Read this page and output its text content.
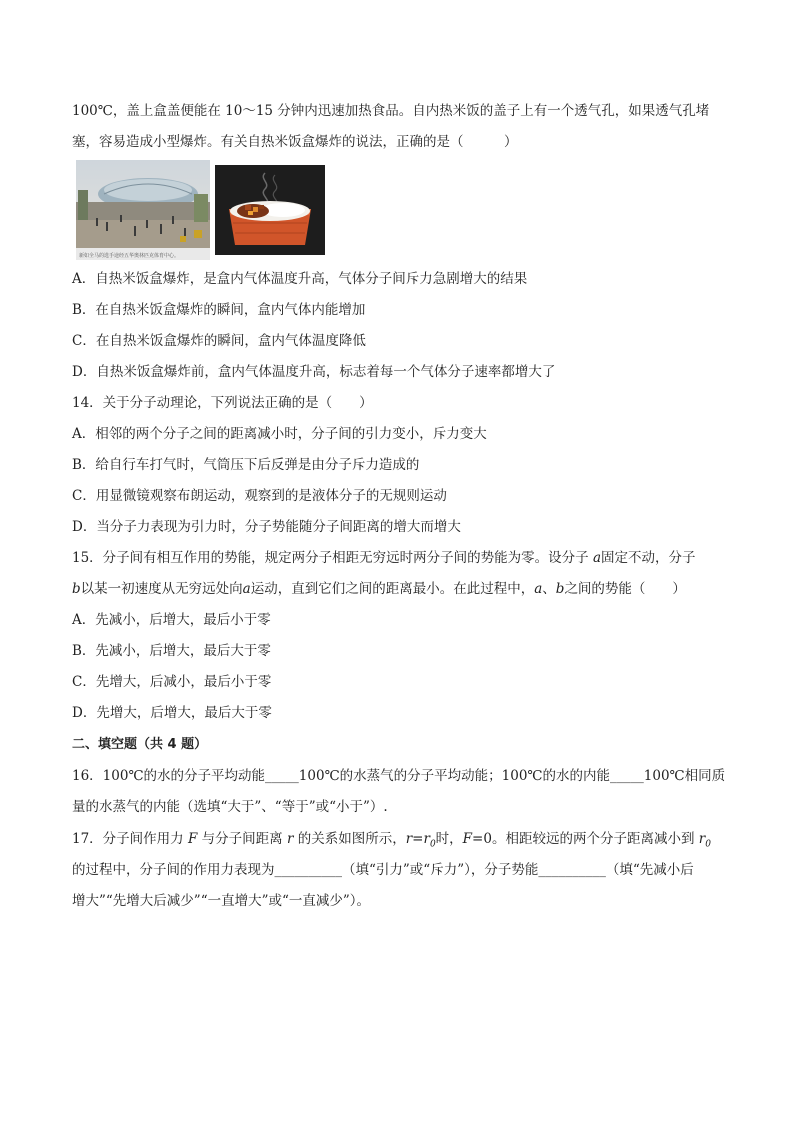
100℃，盖上盒盖便能在 10～15 分钟内迅速加热食品。自内热米饭的盖子上有一个透气孔，如果透气孔堵
塞，容易造成小型爆炸。有关自热米饭盒爆炸的说法，正确的是（　　　）
新如全马的选手途经五华奥林匹克体育中心。
A．自热米饭盒爆炸，是盒内气体温度升高，气体分子间斥力急剧增大的结果
B．在自热米饭盒爆炸的瞬间，盒内气体内能增加
C．在自热米饭盒爆炸的瞬间，盒内气体温度降低
D．自热米饭盒爆炸前，盒内气体温度升高，标志着每一个气体分子速率都增大了
14．关于分子动理论，下列说法正确的是（　　）
A．相邻的两个分子之间的距离减小时，分子间的引力变小，斥力变大
B．给自行车打气时，气筒压下后反弹是由分子斥力造成的
C．用显微镜观察布朗运动，观察到的是液体分子的无规则运动
D．当分子力表现为引力时，分子势能随分子间距离的增大而增大
15．分子间有相互作用的势能，规定两分子相距无穷远时两分子间的势能为零。设分子 a固定不动，分子
b以某一初速度从无穷远处向a运动，直到它们之间的距离最小。在此过程中，a、b之间的势能（　　）
A．先减小，后增大，最后小于零
B．先减小，后增大，最后大于零
C．先增大，后减小，最后小于零
D．先增大，后增大，最后大于零
二、填空题（共 4 题）
16．100℃的水的分子平均动能_____100℃的水蒸气的分子平均动能；100℃的水的内能_____100℃相同质
量的水蒸气的内能（选填“大于”、“等于”或“小于”）.
17．分子间作用力 F 与分子间距离 r 的关系如图所示，$r=r_0$时，F=0。相距较远的两个分子距离减小到 $r_0$
的过程中，分子间的作用力表现为__________（填“引力”或“斥力”），分子势能__________（填“先减小后
增大”“先增大后减少”“一直增大”或“一直减少”）。
